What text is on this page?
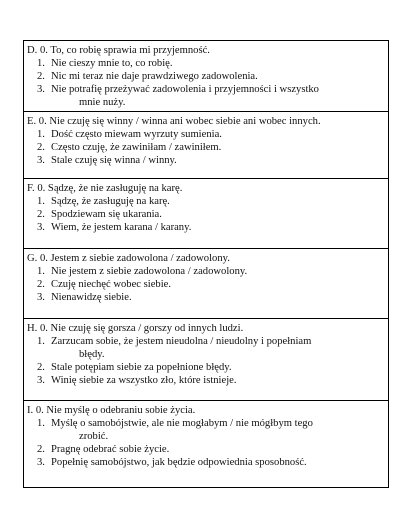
D. 0. To, co robię sprawia mi przyjemność.
1. Nie cieszy mnie to, co robię.
2. Nic mi teraz nie daje prawdziwego zadowolenia.
3. Nie potrafię przeżywać zadowolenia i przyjemności i wszystko
mnie nuży.
E. 0. Nie czuję się winny / winna ani wobec siebie ani wobec innych.
1. Dość często miewam wyrzuty sumienia.
2. Często czuję, że zawiniłam / zawiniłem.
3. Stale czuję się winna / winny.
F. 0. Sądzę, że nie zasługuję na karę.
1. Sądzę, że zasługuję na karę.
2. Spodziewam się ukarania.
3. Wiem, że jestem karana / karany.
G. 0. Jestem z siebie zadowolona / zadowolony.
1. Nie jestem z siebie zadowolona / zadowolony.
2. Czuję niechęć wobec siebie.
3. Nienawidzę siebie.
H. 0. Nie czuję się gorsza / gorszy od innych ludzi.
1. Zarzucam sobie, że jestem nieudolna / nieudolny i popełniam
błędy.
2. Stale potępiam siebie za popełnione błędy.
3. Winię siebie za wszystko zło, które istnieje.
I. 0. Nie myślę o odebraniu sobie życia.
1. Myślę o samobójstwie, ale nie mogłabym / nie mógłbym tego
zrobić.
2. Pragnę odebrać sobie życie.
3. Popełnię samobójstwo, jak będzie odpowiednia sposobność.
